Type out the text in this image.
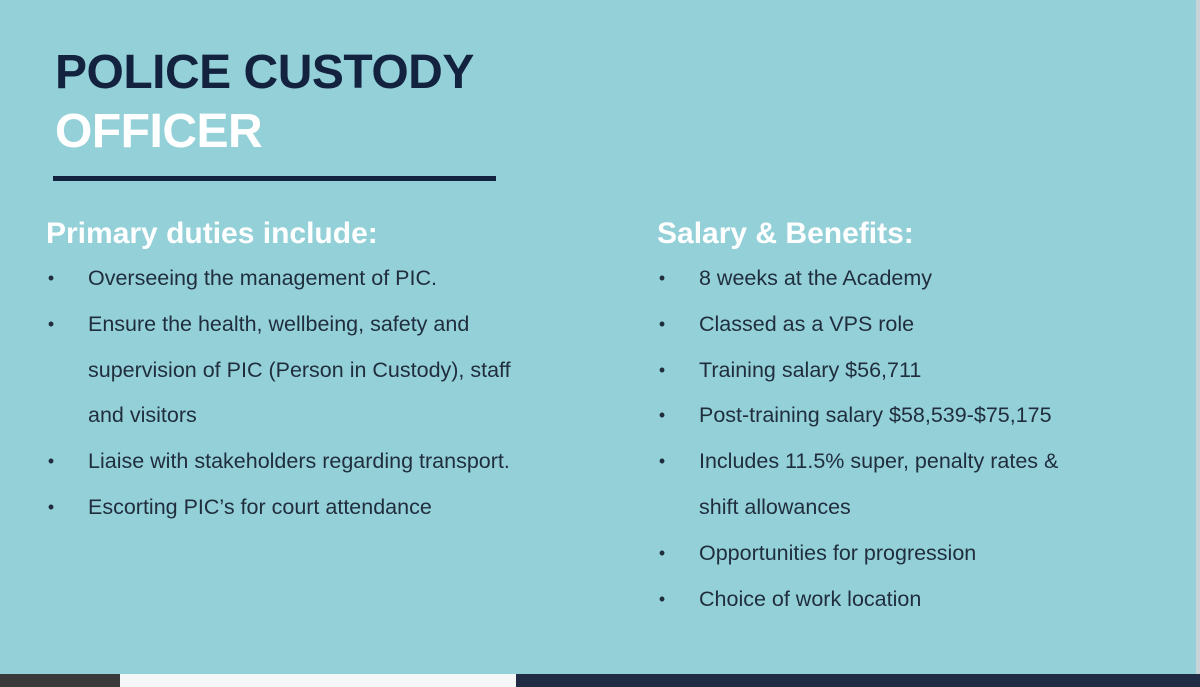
POLICE CUSTODY
OFFICER
Primary duties include:
• Overseeing the management of PIC.
• Ensure the health, wellbeing, safety and
supervision of PIC (Person in Custody), staff
and visitors
• Liaise with stakeholders regarding transport.
• Escorting PIC’s for court attendance
Salary & Benefits:
• 8 weeks at the Academy
• Classed as a VPS role
• Training salary $56,711
• Post-training salary $58,539-$75,175
• Includes 11.5% super, penalty rates &
shift allowances
• Opportunities for progression
• Choice of work location
